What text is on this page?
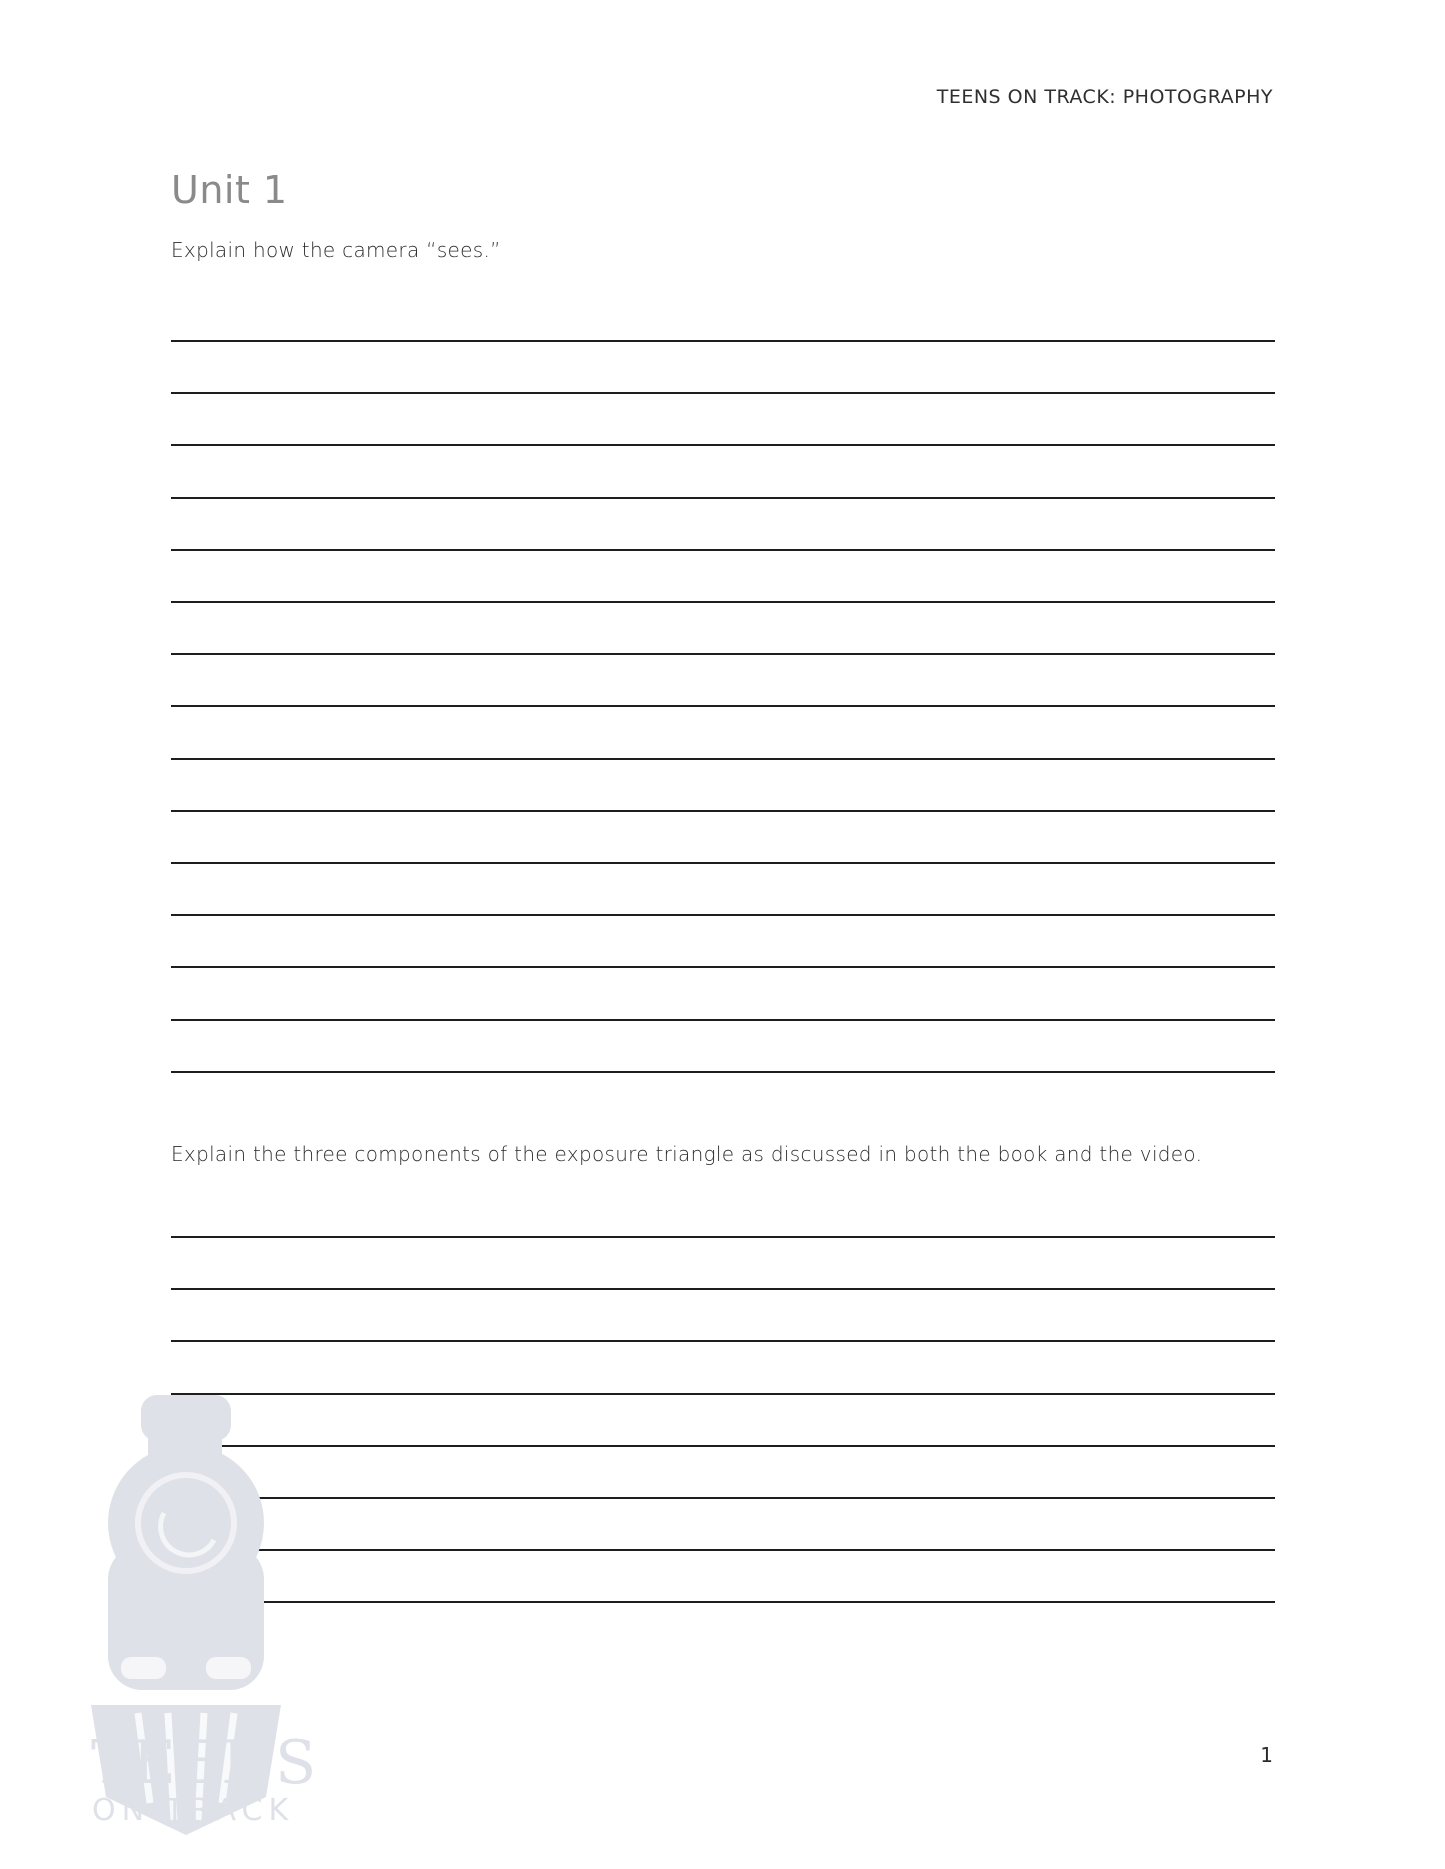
TEENS ON TRACK: PHOTOGRAPHY
Unit 1

Explain how the camera “sees.”

Explain the three components of the exposure triangle as discussed in both the book and the video.

TEENS
ON TRACK
1
